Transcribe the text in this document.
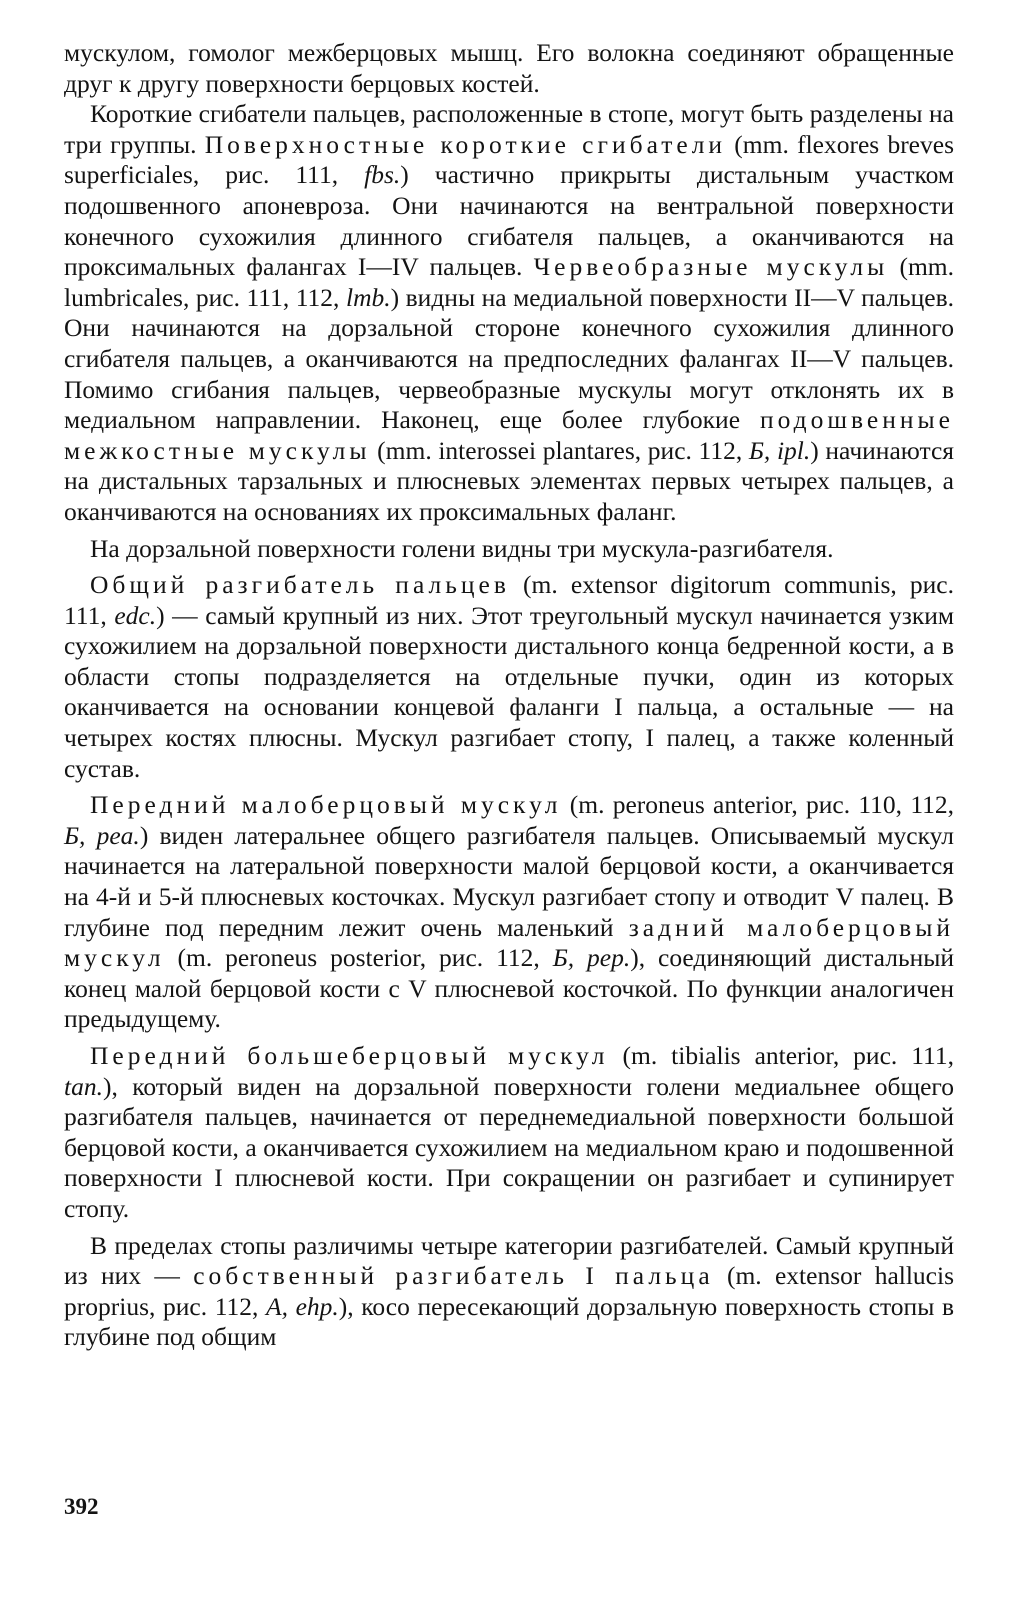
мускулом, гомолог межберцовых мышц. Его волокна соединяют обращенные друг к другу поверхности берцовых костей.

Короткие сгибатели пальцев, расположенные в стопе, могут быть разделены на три группы. Поверхностные короткие сгибатели (mm. flexores breves superficiales, рис. 111, fbs.) частично прикрыты дистальным участком подошвенного апоневроза. Они начинаются на вентральной поверхности конечного сухожилия длинного сгибателя пальцев, а оканчиваются на проксимальных фалангах I—IV пальцев. Червеобразные мускулы (mm. lumbricales, рис. 111, 112, lmb.) видны на медиальной поверхности II—V пальцев. Они начинаются на дорзальной стороне конечного сухожилия длинного сгибателя пальцев, а оканчиваются на предпоследних фалангах II—V пальцев. Помимо сгибания пальцев, червеобразные мускулы могут отклонять их в медиальном направлении. Наконец, еще более глубокие подошвенные межкостные мускулы (mm. interossei plantares, рис. 112, Б, ipl.) начинаются на дистальных тарзальных и плюсневых элементах первых четырех пальцев, а оканчиваются на основаниях их проксимальных фаланг.

На дорзальной поверхности голени видны три мускула-разгибателя.

Общий разгибатель пальцев (m. extensor digitorum communis, рис. 111, edc.) — самый крупный из них. Этот треугольный мускул начинается узким сухожилием на дорзальной поверхности дистального конца бедренной кости, а в области стопы подразделяется на отдельные пучки, один из которых оканчивается на основании концевой фаланги I пальца, а остальные — на четырех костях плюсны. Мускул разгибает стопу, I палец, а также коленный сустав.

Передний малоберцовый мускул (m. peroneus anterior, рис. 110, 112, Б, pea.) виден латеральнее общего разгибателя пальцев. Описываемый мускул начинается на латеральной поверхности малой берцовой кости, а оканчивается на 4-й и 5-й плюсневых косточках. Мускул разгибает стопу и отводит V палец. В глубине под передним лежит очень маленький задний малоберцовый мускул (m. peroneus posterior, рис. 112, Б, pep.), соединяющий дистальный конец малой берцовой кости с V плюсневой косточкой. По функции аналогичен предыдущему.

Передний большеберцовый мускул (m. tibialis anterior, рис. 111, tan.), который виден на дорзальной поверхности голени медиальнее общего разгибателя пальцев, начинается от переднемедиальной поверхности большой берцовой кости, а оканчивается сухожилием на медиальном краю и подошвенной поверхности I плюсневой кости. При сокращении он разгибает и супинирует стопу.

В пределах стопы различимы четыре категории разгибателей. Самый крупный из них — собственный разгибатель I пальца (m. extensor hallucis proprius, рис. 112, А, ehp.), косо пересекающий дорзальную поверхность стопы в глубине под общим

392
